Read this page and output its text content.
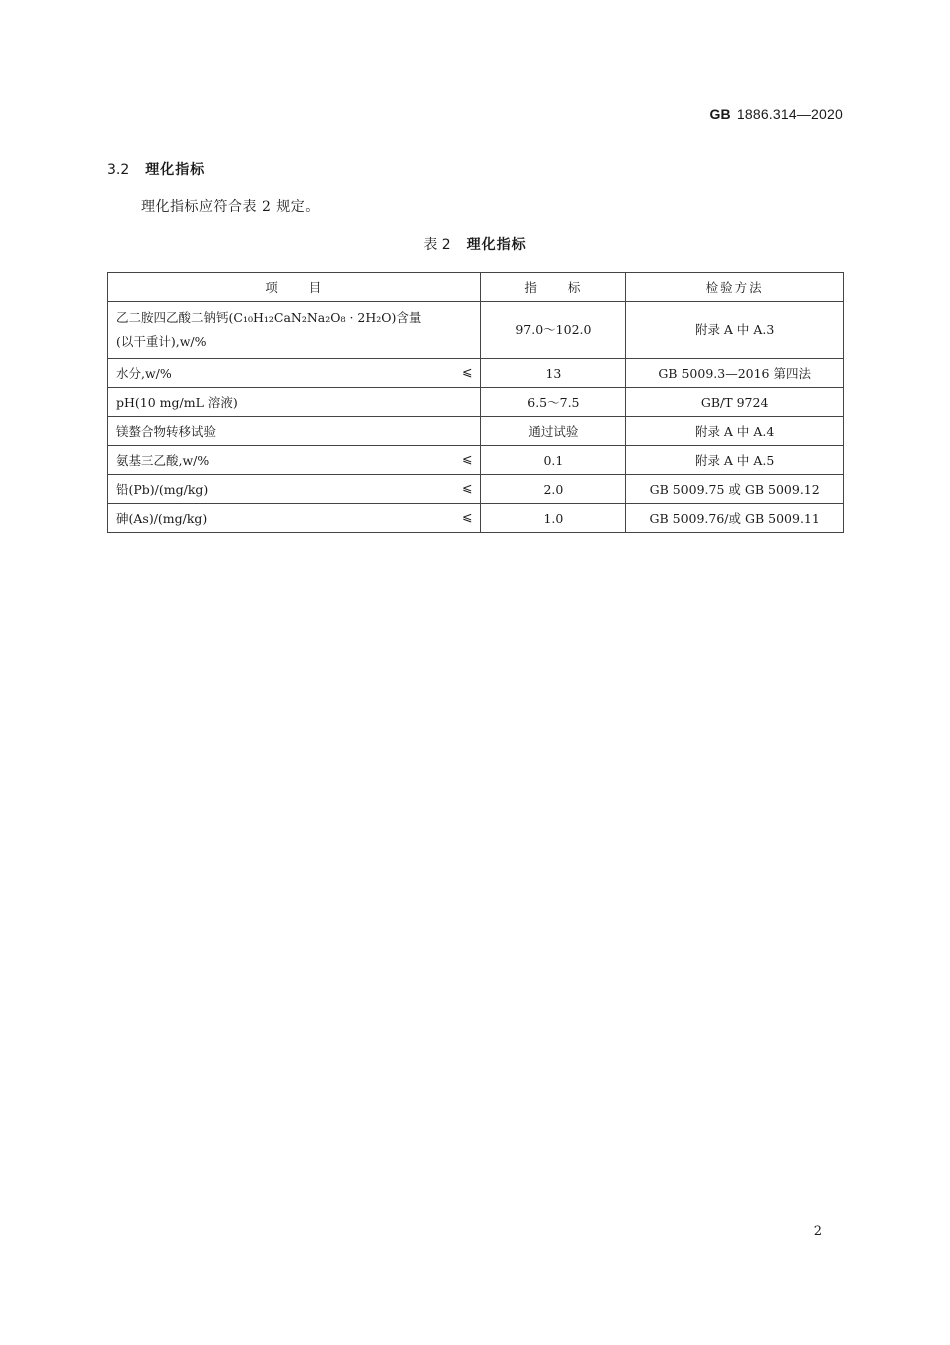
GB 1886.314—2020
3.2 理化指标
理化指标应符合表 2 规定。
表 2 理化指标
项　　目	指　　标	检验方法

乙二胺四乙酸二钠钙(C₁₀H₁₂CaN₂Na₂O₈ · 2H₂O)含量
(以干重计),w/%	97.0～102.0	附录 A 中 A.3
水分,w/% ⩽	13	GB 5009.3—2016 第四法
pH(10 mg/mL 溶液)	6.5～7.5	GB/T 9724
镁螯合物转移试验	通过试验	附录 A 中 A.4
氨基三乙酸,w/% ⩽	0.1	附录 A 中 A.5
铅(Pb)/(mg/kg) ⩽	2.0	GB 5009.75 或 GB 5009.12
砷(As)/(mg/kg) ⩽	1.0	GB 5009.76/或 GB 5009.11
2
